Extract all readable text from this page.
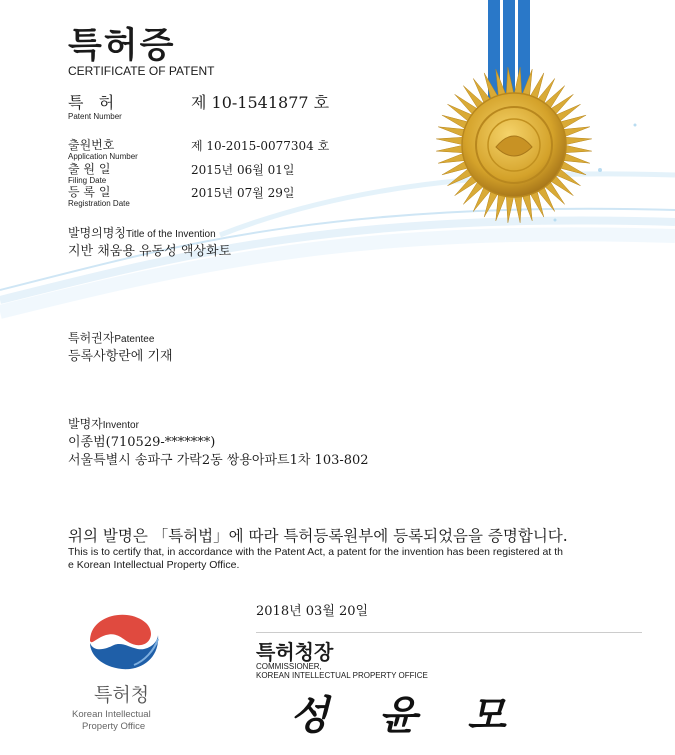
특허증
CERTIFICATE OF PATENT
특   허
Patent Number
제 10-1541877 호
출원번호
Application Number
제 10-2015-0077304 호
출 원 일
Filing Date
2015년 06월 01일
등 록 일
Registration Date
2015년 07월 29일
발명의명칭Title of the Invention
지반 채움용 유동성 액상화토
특허권자Patentee
등록사항란에 기재
발명자Inventor
이종범(710529-*******)
서울특별시 송파구 가락2동 쌍용아파트1차 103-802
위의 발명은 「특허법」에 따라 특허등록원부에 등록되었음을 증명합니다.
This is to certify that, in accordance with the Patent Act, a patent for the invention has been registered at th
e Korean Intellectual Property Office.
2018년 03월 20일
특허청장
COMMISSIONER,
KOREAN INTELLECTUAL PROPERTY OFFICE
성 윤 모
특허청
Korean Intellectual
Property Office
